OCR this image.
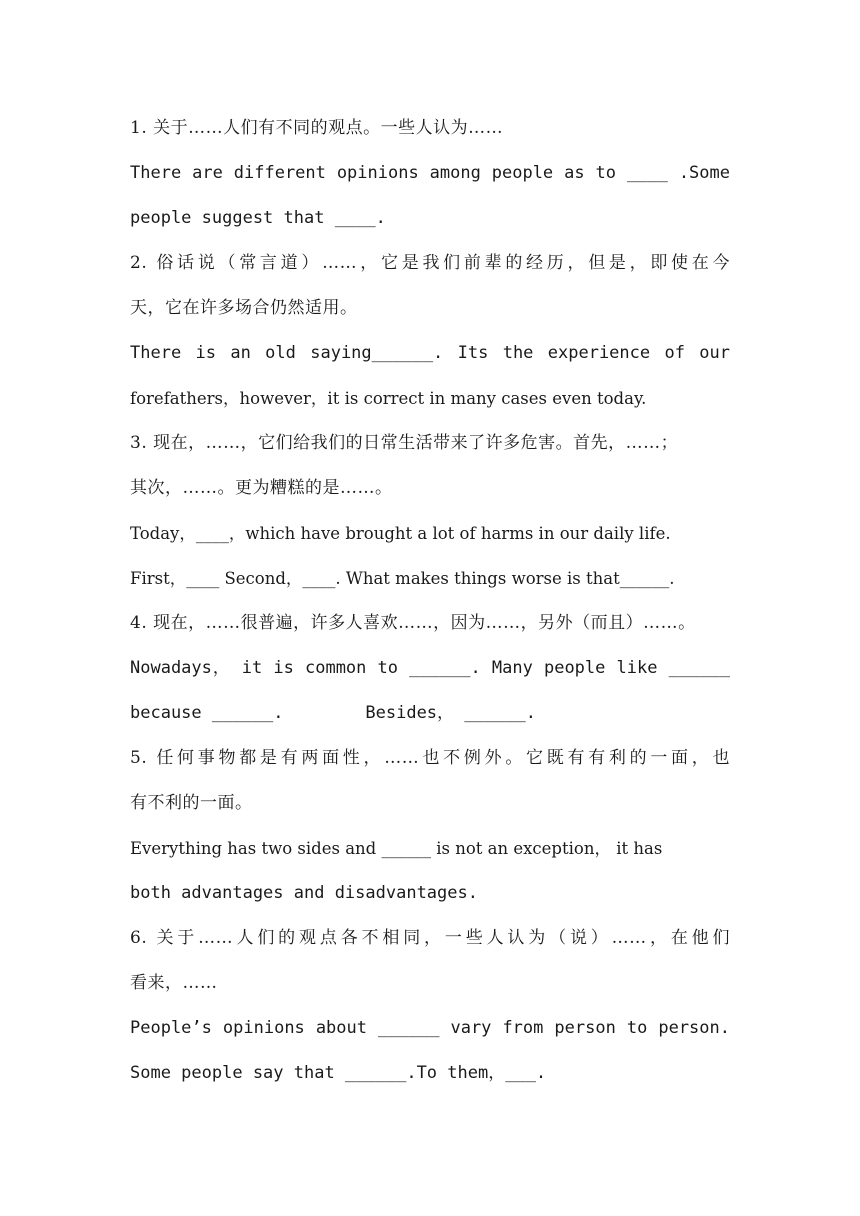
1. 关于……人们有不同的观点。一些人认为……
There are different opinions among people as to ____ .Some
people suggest that ____.
2. 俗话说（常言道）……，它是我们前辈的经历，但是，即使在今
天，它在许多场合仍然适用。
There is an old saying______. Its the experience of our
forefathers，however，it is correct in many cases even today.
3. 现在，……，它们给我们的日常生活带来了许多危害。首先，……；
其次，……。更为糟糕的是……。
Today，____，which have brought a lot of harms in our daily life.
First，____ Second，____. What makes things worse is that______.
4. 现在，……很普遍，许多人喜欢……，因为……，另外（而且）……。
Nowadays， it is common to ______. Many people like ______
because ______.        Besides， ______.
5. 任何事物都是有两面性，……也不例外。它既有有利的一面，也
有不利的一面。
Everything has two sides and ______ is not an exception， it has
both advantages and disadvantages.
6. 关于……人们的观点各不相同，一些人认为（说）……，在他们
看来，……
People’s opinions about ______ vary from person to person.
Some people say that ______.To them，___.
